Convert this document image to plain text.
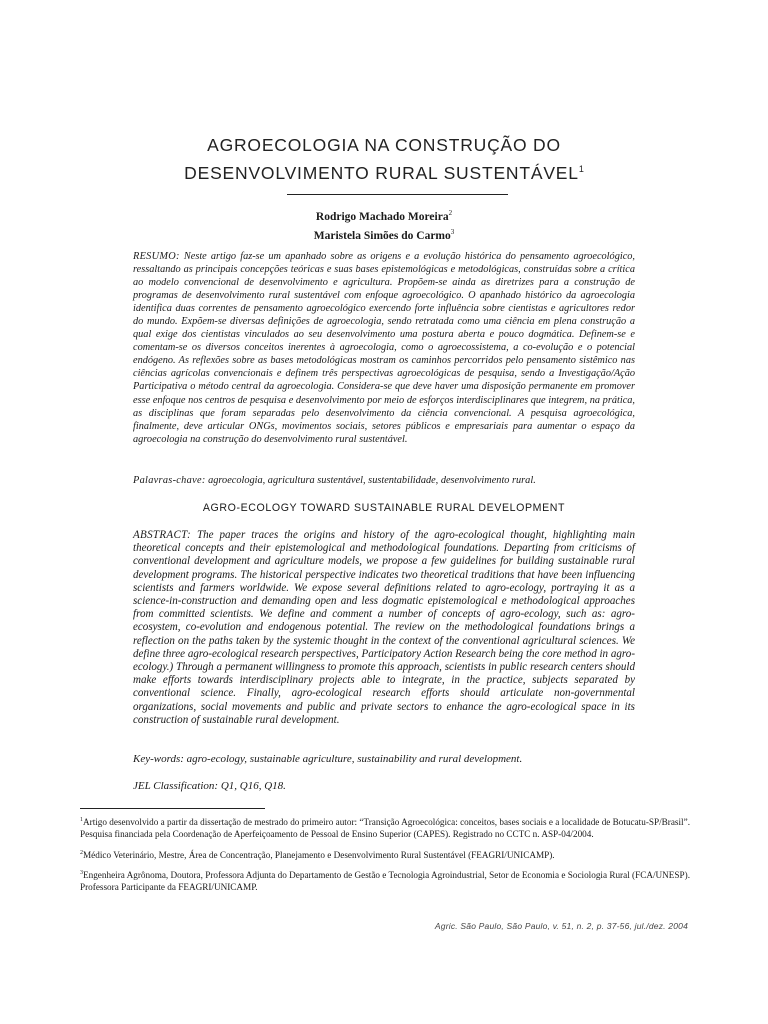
AGROECOLOGIA NA CONSTRUÇÃO DO
DESENVOLVIMENTO RURAL SUSTENTÁVEL$^1$
Rodrigo Machado Moreira$^2$
Maristela Simões do Carmo$^3$
RESUMO: Neste artigo faz-se um apanhado sobre as origens e a evolução histórica do pensamento agroecológico, ressaltando as principais concepções teóricas e suas bases epistemológicas e metodológicas, construídas sobre a crítica ao modelo convencional de desenvolvimento e agricultura. Propõem-se ainda as diretrizes para a construção de programas de desenvolvimento rural sustentável com enfoque agroecológico. O apanhado histórico da agroecologia identifica duas correntes de pensamento agroecológico exercendo forte influência sobre cientistas e agricultores redor do mundo. Expõem-se diversas definições de agroecologia, sendo retratada como uma ciência em plena construção a qual exige dos cientistas vinculados ao seu desenvolvimento uma postura aberta e pouco dogmática. Definem-se e comentam-se os diversos conceitos inerentes à agroecologia, como o agroecossistema, a co-evolução e o potencial endógeno. As reflexões sobre as bases metodológicas mostram os caminhos percorridos pelo pensamento sistêmico nas ciências agrícolas convencionais e definem três perspectivas agroecológicas de pesquisa, sendo a Investigação/Ação Participativa o método central da agroecologia. Considera-se que deve haver uma disposição permanente em promover esse enfoque nos centros de pesquisa e desenvolvimento por meio de esforços interdisciplinares que integrem, na prática, as disciplinas que foram separadas pelo desenvolvimento da ciência convencional. A pesquisa agroecológica, finalmente, deve articular ONGs, movimentos sociais, setores públicos e empresariais para aumentar o espaço da agroecologia na construção do desenvolvimento rural sustentável.
Palavras-chave: agroecologia, agricultura sustentável, sustentabilidade, desenvolvimento rural.
AGRO-ECOLOGY TOWARD SUSTAINABLE RURAL DEVELOPMENT
ABSTRACT: The paper traces the origins and history of the agro-ecological thought, highlighting main theoretical concepts and their epistemological and methodological foundations. Departing from criticisms of conventional development and agriculture models, we propose a few guidelines for building sustainable rural development programs. The historical perspective indicates two theoretical traditions that have been influencing scientists and farmers worldwide. We expose several definitions related to agro-ecology, portraying it as a science-in-construction and demanding open and less dogmatic epistemological e methodological approaches from committed scientists. We define and comment a number of concepts of agro-ecology, such as: agro-ecosystem, co-evolution and endogenous potential. The review on the methodological foundations brings a reflection on the paths taken by the systemic thought in the context of the conventional agricultural sciences. We define three agro-ecological research perspectives, Participatory Action Research being the core method in agro-ecology.) Through a permanent willingness to promote this approach, scientists in public research centers should make efforts towards interdisciplinary projects able to integrate, in the practice, subjects separated by conventional science. Finally, agro-ecological research efforts should articulate non-governmental organizations, social movements and public and private sectors to enhance the agro-ecological space in its construction of sustainable rural development.
Key-words: agro-ecology, sustainable agriculture, sustainability and rural development.
JEL Classification: Q1, Q16, Q18.

$^1$Artigo desenvolvido a partir da dissertação de mestrado do primeiro autor: “Transição Agroecológica: conceitos, bases sociais e a localidade de Botucatu-SP/Brasil”. Pesquisa financiada pela Coordenação de Aperfeiçoamento de Pessoal de Ensino Superior (CAPES). Registrado no CCTC n. ASP-04/2004.

$^2$Médico Veterinário, Mestre, Área de Concentração, Planejamento e Desenvolvimento Rural Sustentável (FEAGRI/UNICAMP).

$^3$Engenheira Agrônoma, Doutora, Professora Adjunta do Departamento de Gestão e Tecnologia Agroindustrial, Setor de Economia e Sociologia Rural (FCA/UNESP). Professora Participante da FEAGRI/UNICAMP.

Agric. São Paulo, São Paulo, v. 51, n. 2, p. 37-56, jul./dez. 2004
